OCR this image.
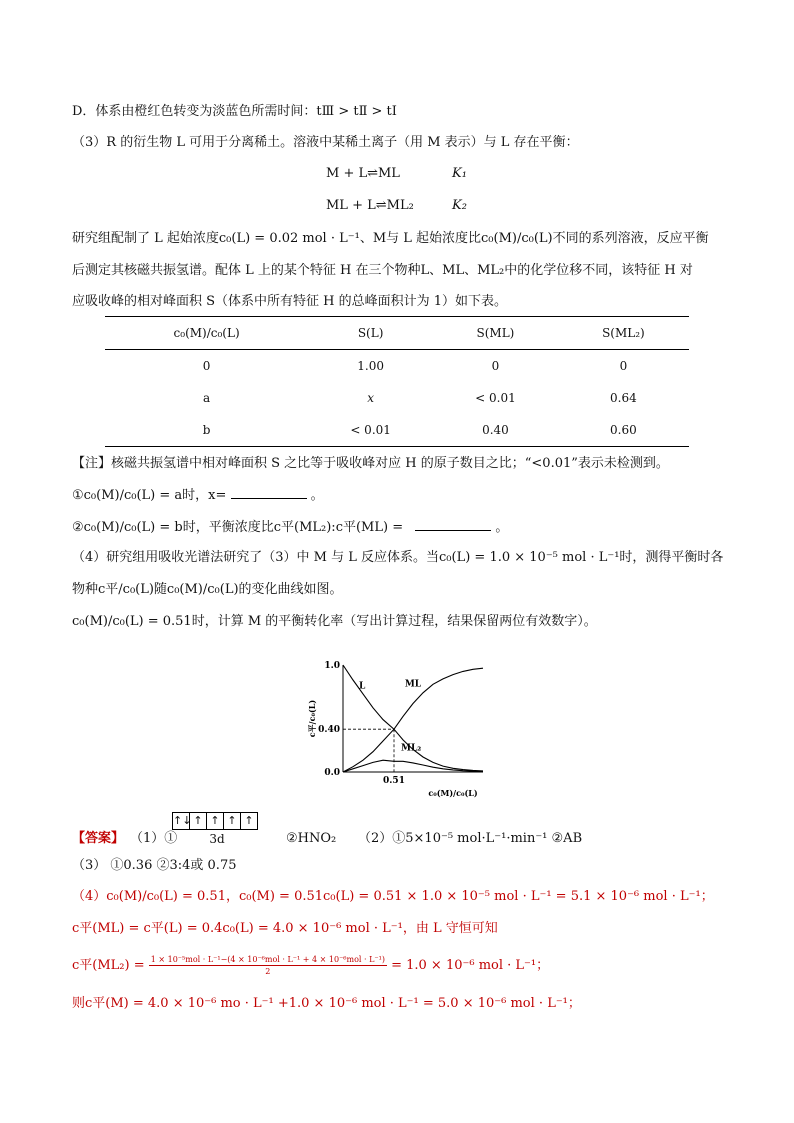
D．体系由橙红色转变为淡蓝色所需时间：tⅢ > tⅡ > tⅠ
（3）R 的衍生物 L 可用于分离稀土。溶液中某稀土离子（用 M 表示）与 L 存在平衡：
M + L⇌ML	K₁
ML + L⇌ML₂	K₂
研究组配制了 L 起始浓度c₀(L) = 0.02 mol · L⁻¹、M与 L 起始浓度比c₀(M)/c₀(L)不同的系列溶液，反应平衡
后测定其核磁共振氢谱。配体 L 上的某个特征 H 在三个物种L、ML、ML₂中的化学位移不同，该特征 H 对
应吸收峰的相对峰面积 S（体系中所有特征 H 的总峰面积计为 1）如下表。
c₀(M)/c₀(L)	S(L)	S(ML)	S(ML₂)
0	1.00	0	0
a	x	< 0.01	0.64
b	< 0.01	0.40	0.60
【注】核磁共振氢谱中相对峰面积 S 之比等于吸收峰对应 H 的原子数目之比；“<0.01”表示未检测到。
①c₀(M)/c₀(L) = a时，x=	。
②c₀(M)/c₀(L) = b时，平衡浓度比c平(ML₂):c平(ML) =	。
（4）研究组用吸收光谱法研究了（3）中 M 与 L 反应体系。当c₀(L) = 1.0 × 10⁻⁵ mol · L⁻¹时，测得平衡时各
物种c平/c₀(L)随c₀(M)/c₀(L)的变化曲线如图。
c₀(M)/c₀(L) = 0.51时，计算 M 的平衡转化率（写出计算过程，结果保留两位有效数字）。
1.0
0.40
0.0
0.51
L	ML
ML₂
c平/c₀(L)
c₀(M)/c₀(L)
【答案】 （1）①
↑↓ ↑ ↑ ↑ ↑
3d	②HNO₂ （2）①5×10⁻⁵ mol·L⁻¹·min⁻¹ ②AB
（3） ①0.36 ②3:4或 0.75
（4）c₀(M)/c₀(L) = 0.51，c₀(M) = 0.51c₀(L) = 0.51 × 1.0 × 10⁻⁵ mol · L⁻¹ = 5.1 × 10⁻⁶ mol · L⁻¹；
c平(ML) = c平(L) = 0.4c₀(L) = 4.0 × 10⁻⁶ mol · L⁻¹，由 L 守恒可知
c平$(ML_2) = \frac{\text{1 × 10⁻⁵mol · L⁻¹−(4 × 10⁻⁶mol · L⁻¹ + 4 × 10⁻⁶mol · L⁻¹)}}{2} = 1.0 \times 10^{-6}$ mol · L⁻¹；
则c平(M) = 4.0 × 10⁻⁶ mo · L⁻¹ +1.0 × 10⁻⁶ mol · L⁻¹ = 5.0 × 10⁻⁶ mol · L⁻¹；
